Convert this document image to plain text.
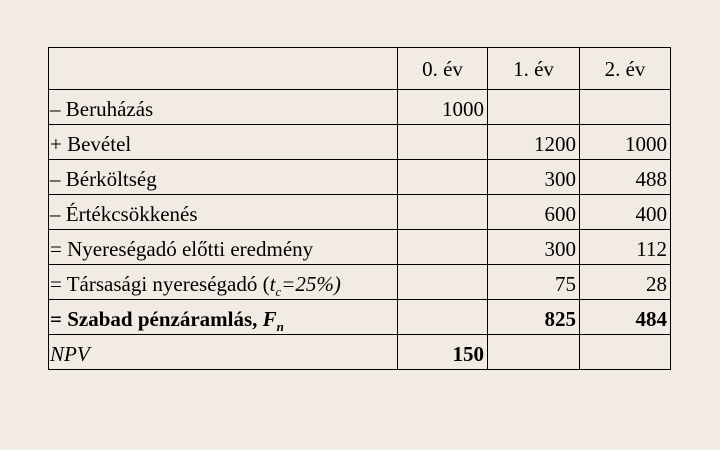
	0. év	1. év	2. év
– Beruházás	1000		
+ Bevétel		1200	1000
– Bérköltség		300	488
– Értékcsökkenés		600	400
= Nyereségadó előtti eredmény		300	112
= Társasági nyereségadó $(t_c=25\%)$		75	28
= Szabad pénzáramlás, $F_n$		825	484
NPV	150		
